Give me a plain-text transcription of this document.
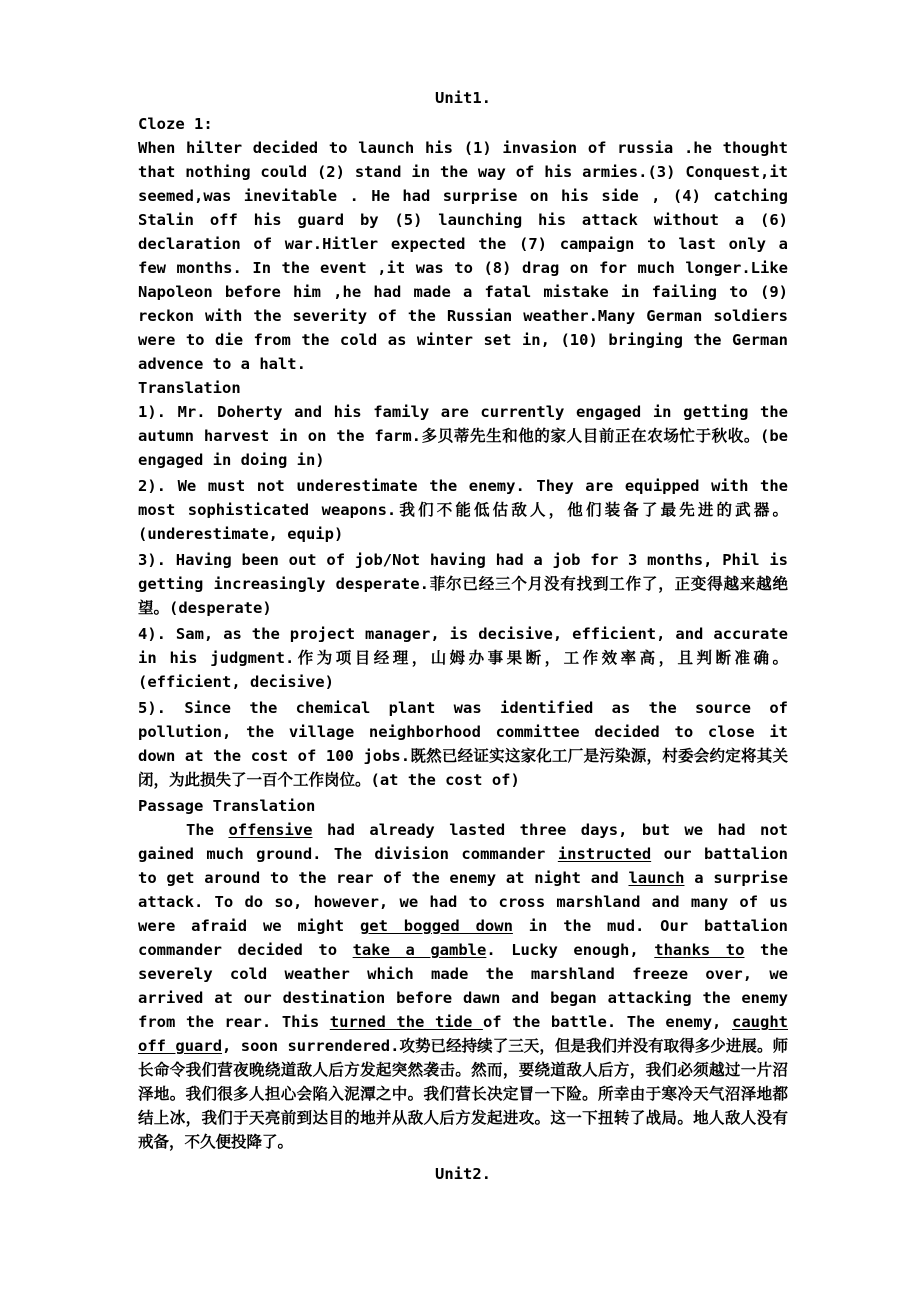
Unit1.
Cloze 1:

When hilter decided to launch his (1) invasion of russia .he thought that nothing could (2) stand in the way of his armies.(3) Conquest,it seemed,was inevitable . He had surprise on his side , (4) catching Stalin off his guard by (5) launching his attack without a (6) declaration of war.Hitler expected the (7) campaign to last only a few months. In the event ,it was to (8) drag on for much longer.Like Napoleon before him ,he had made a fatal mistake in failing to (9) reckon with the severity of the Russian weather.Many German soldiers were to die from the cold as winter set in, (10) bringing the German advence to a halt.

Translation

1). Mr. Doherty and his family are currently engaged in getting the autumn harvest in on the farm.多贝蒂先生和他的家人目前正在农场忙于秋收。(be engaged in doing in)

2). We must not underestimate the enemy. They are equipped with the most sophisticated weapons.我们不能低估敌人，他们装备了最先进的武器。(underestimate, equip)

3). Having been out of job/Not having had a job for 3 months, Phil is getting increasingly desperate.菲尔已经三个月没有找到工作了，正变得越来越绝望。(desperate)

4). Sam, as the project manager, is decisive, efficient, and accurate in his judgment.作为项目经理，山姆办事果断，工作效率高，且判断准确。(efficient, decisive)

5). Since the chemical plant was identified as the source of pollution, the village neighborhood committee decided to close it down at the cost of 100 jobs.既然已经证实这家化工厂是污染源，村委会约定将其关闭，为此损失了一百个工作岗位。(at the cost of)

Passage Translation

The offensive had already lasted three days, but we had not gained much ground. The division commander instructed our battalion to get around to the rear of the enemy at night and launch a surprise attack. To do so, however, we had to cross marshland and many of us were afraid we might get bogged down in the mud. Our battalion commander decided to take a gamble. Lucky enough, thanks to the severely cold weather which made the marshland freeze over, we arrived at our destination before dawn and began attacking the enemy from the rear. This turned the tide of the battle. The enemy, caught off guard, soon surrendered.攻势已经持续了三天，但是我们并没有取得多少进展。师长命令我们营夜晚绕道敌人后方发起突然袭击。然而，要绕道敌人后方，我们必须越过一片沼泽地。我们很多人担心会陷入泥潭之中。我们营长决定冒一下险。所幸由于寒冷天气沼泽地都结上冰，我们于天亮前到达目的地并从敌人后方发起进攻。这一下扭转了战局。地人敌人没有戒备，不久便投降了。

Unit2.
